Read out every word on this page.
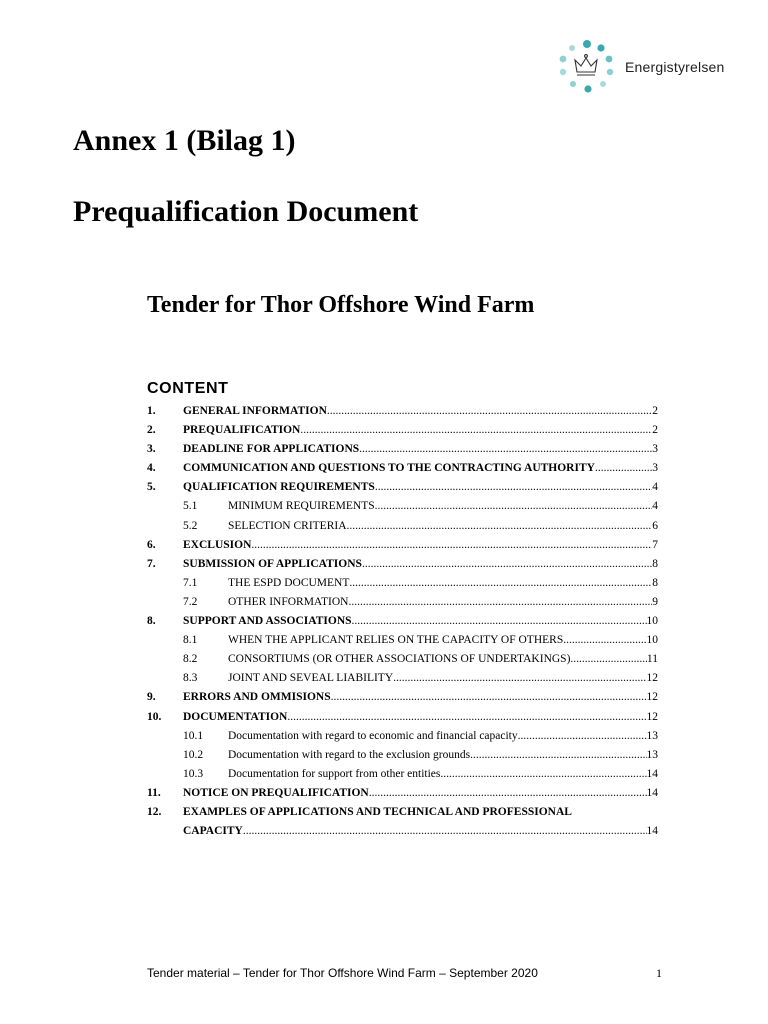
Energistyrelsen
Annex 1 (Bilag 1)
Prequalification Document
Tender for Thor Offshore Wind Farm
CONTENT
1.	GENERAL INFORMATION .....	2
2.	PREQUALIFICATION .....	2
3.	DEADLINE FOR APPLICATIONS .....	3
4.	COMMUNICATION AND QUESTIONS TO THE CONTRACTING AUTHORITY .....	3
5.	QUALIFICATION REQUIREMENTS .....	4
5.1	MINIMUM REQUIREMENTS .....	4
5.2	SELECTION CRITERIA .....	6
6.	EXCLUSION .....	7
7.	SUBMISSION OF APPLICATIONS .....	8
7.1	THE ESPD DOCUMENT .....	8
7.2	OTHER INFORMATION .....	9
8.	SUPPORT AND ASSOCIATIONS .....	10
8.1	WHEN THE APPLICANT RELIES ON THE CAPACITY OF OTHERS .....	10
8.2	CONSORTIUMS (OR OTHER ASSOCIATIONS OF UNDERTAKINGS) .....	11
8.3	JOINT AND SEVEAL LIABILITY .....	12
9.	ERRORS AND OMMISIONS .....	12
10.	DOCUMENTATION .....	12
10.1	Documentation with regard to economic and financial capacity .....	13
10.2	Documentation with regard to the exclusion grounds .....	13
10.3	Documentation for support from other entities .....	14
11.	NOTICE ON PREQUALIFICATION .....	14
12.	EXAMPLES OF APPLICATIONS AND TECHNICAL AND PROFESSIONAL
CAPACITY .....	14
Tender material – Tender for Thor Offshore Wind Farm – September 2020	1
